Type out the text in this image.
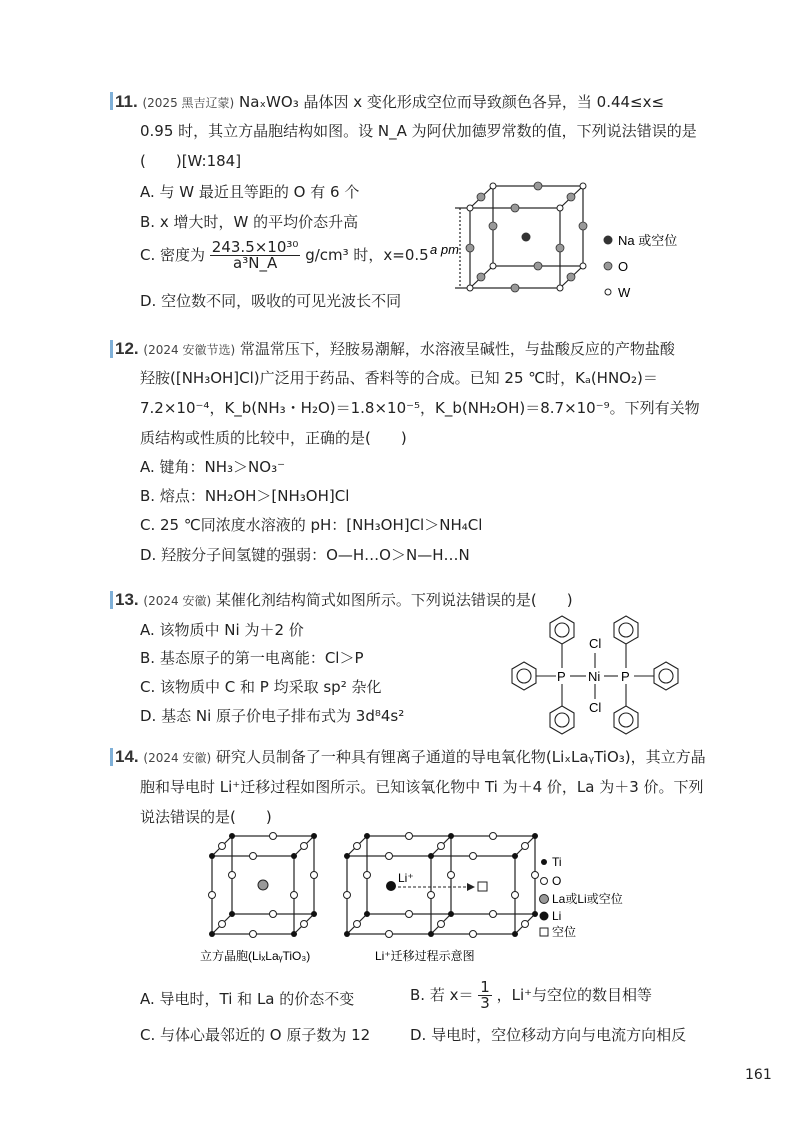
11. (2025 黑吉辽蒙) NaₓWO₃ 晶体因 x 变化形成空位而导致颜色各异，当 0.44≤x≤
0.95 时，其立方晶胞结构如图。设 N_A 为阿伏加德罗常数的值，下列说法错误的是
(　　)[W:184]
A. 与 W 最近且等距的 O 有 6 个
B. x 增大时，W 的平均价态升高
C. 密度为 $\frac{\text{243.5×10³⁰}}{\text{a³N\_A}} g/cm^3$ 时，x=0.5
D. 空位数不同，吸收的可见光波长不同
a pm
Na 或空位
O
W
12. (2024 安徽节选) 常温常压下，羟胺易潮解，水溶液呈碱性，与盐酸反应的产物盐酸
羟胺([NH₃OH]Cl)广泛用于药品、香料等的合成。已知 25 ℃时，Kₐ(HNO₂)＝
7.2×10⁻⁴，K_b(NH₃・H₂O)＝1.8×10⁻⁵，K_b(NH₂OH)＝8.7×10⁻⁹。下列有关物
质结构或性质的比较中，正确的是(　　)
A. 键角：NH₃＞NO₃⁻
B. 熔点：NH₂OH＞[NH₃OH]Cl
C. 25 ℃同浓度水溶液的 pH：[NH₃OH]Cl＞NH₄Cl
D. 羟胺分子间氢键的强弱：O—H…O＞N—H…N
13. (2024 安徽) 某催化剂结构简式如图所示。下列说法错误的是(　　)
A. 该物质中 Ni 为＋2 价
B. 基态原子的第一电离能：Cl＞P
C. 该物质中 C 和 P 均采取 sp² 杂化
D. 基态 Ni 原子价电子排布式为 3d⁸4s²
Cl
Ni
Cl
P	P
14. (2024 安徽) 研究人员制备了一种具有锂离子通道的导电氧化物(LiₓLaᵧTiO₃)，其立方晶
胞和导电时 Li⁺迁移过程如图所示。已知该氧化物中 Ti 为＋4 价，La 为＋3 价。下列
说法错误的是(　　)
立方晶胞(LiₓLaᵧTiO₃)
Li⁺
Li⁺迁移过程示意图
Ti
O
La或Li或空位
Li
空位
A. 导电时，Ti 和 La 的价态不变	B. 若 $x= \frac{1}{3}$ ，Li⁺与空位的数目相等
C. 与体心最邻近的 O 原子数为 12	D. 导电时，空位移动方向与电流方向相反
161
